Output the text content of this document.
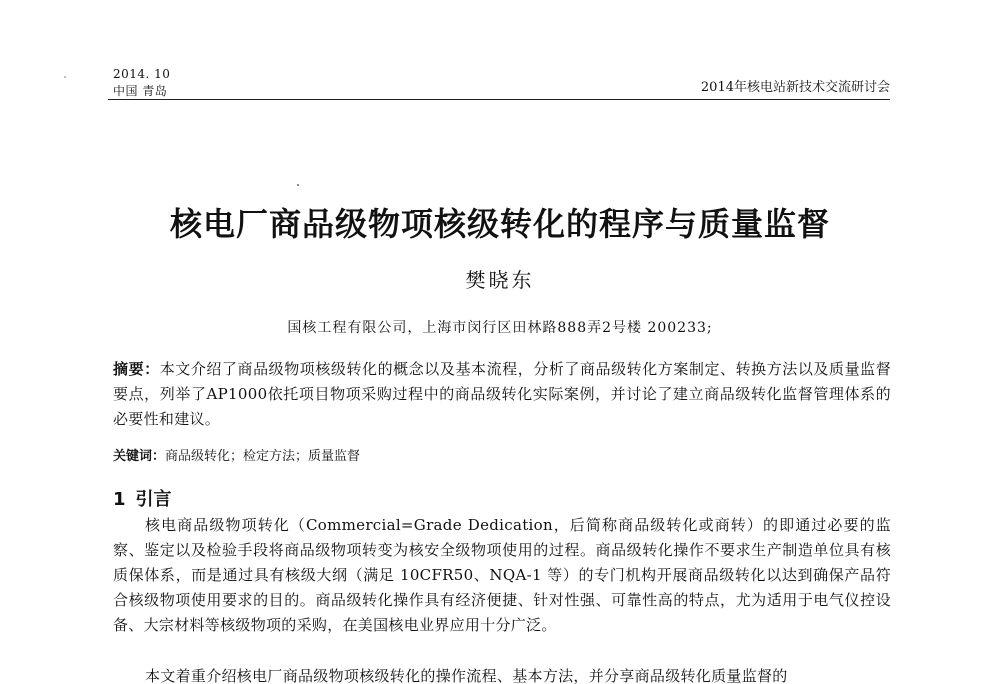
2014. 10
中国 青岛	2014年核电站新技术交流研讨会
核电厂商品级物项核级转化的程序与质量监督
樊晓东
国核工程有限公司，上海市闵行区田林路888弄2号楼 200233;
摘要：本文介绍了商品级物项核级转化的概念以及基本流程，分析了商品级转化方案制定、转换方法以及质量监督要点，列举了AP1000依托项目物项采购过程中的商品级转化实际案例，并讨论了建立商品级转化监督管理体系的必要性和建议。
关键词：商品级转化；检定方法；质量监督
1 引言
核电商品级物项转化（Commercial=Grade Dedication，后简称商品级转化或商转）的即通过必要的监察、鉴定以及检验手段将商品级物项转变为核安全级物项使用的过程。商品级转化操作不要求生产制造单位具有核质保体系，而是通过具有核级大纲（满足 10CFR50、NQA-1 等）的专门机构开展商品级转化以达到确保产品符合核级物项使用要求的目的。商品级转化操作具有经济便捷、针对性强、可靠性高的特点，尤为适用于电气仪控设备、大宗材料等核级物项的采购，在美国核电业界应用十分广泛。
本文着重介绍核电厂商品级物项核级转化的操作流程、基本方法，并分享商品级转化质量监督的
